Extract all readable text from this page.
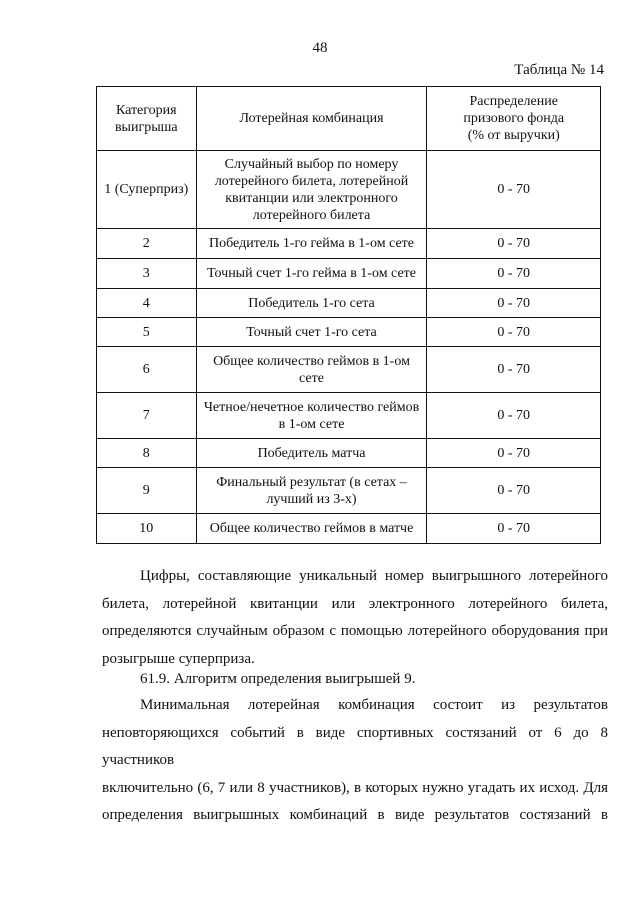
48
Таблица № 14
Категория
выигрыша	Лотерейная комбинация	Распределение
призового фонда
(% от выручки)

1 (Суперприз)	Случайный выбор по номеру
лотерейного билета, лотерейной
квитанции или электронного
лотерейного билета	0 - 70
2	Победитель 1-го гейма в 1-ом сете	0 - 70
3	Точный счет 1-го гейма в 1-ом сете	0 - 70
4	Победитель 1-го сета	0 - 70
5	Точный счет 1-го сета	0 - 70
6	Общее количество геймов в 1-ом
сете	0 - 70
7	Четное/нечетное количество геймов
в 1-ом сете	0 - 70
8	Победитель матча	0 - 70
9	Финальный результат (в сетах –
лучший из 3-х)	0 - 70
10	Общее количество геймов в матче	0 - 70

Цифры, составляющие уникальный номер выигрышного лотерейного
билета, лотерейной квитанции или электронного лотерейного билета,
определяются случайным образом с помощью лотерейного оборудования при
розыгрыше суперприза.

61.9. Алгоритм определения выигрышей 9.

Минимальная лотерейная комбинация состоит из результатов
неповторяющихся событий в виде спортивных состязаний от 6 до 8 участников
включительно (6, 7 или 8 участников), в которых нужно угадать их исход. Для
определения выигрышных комбинаций в виде результатов состязаний в
